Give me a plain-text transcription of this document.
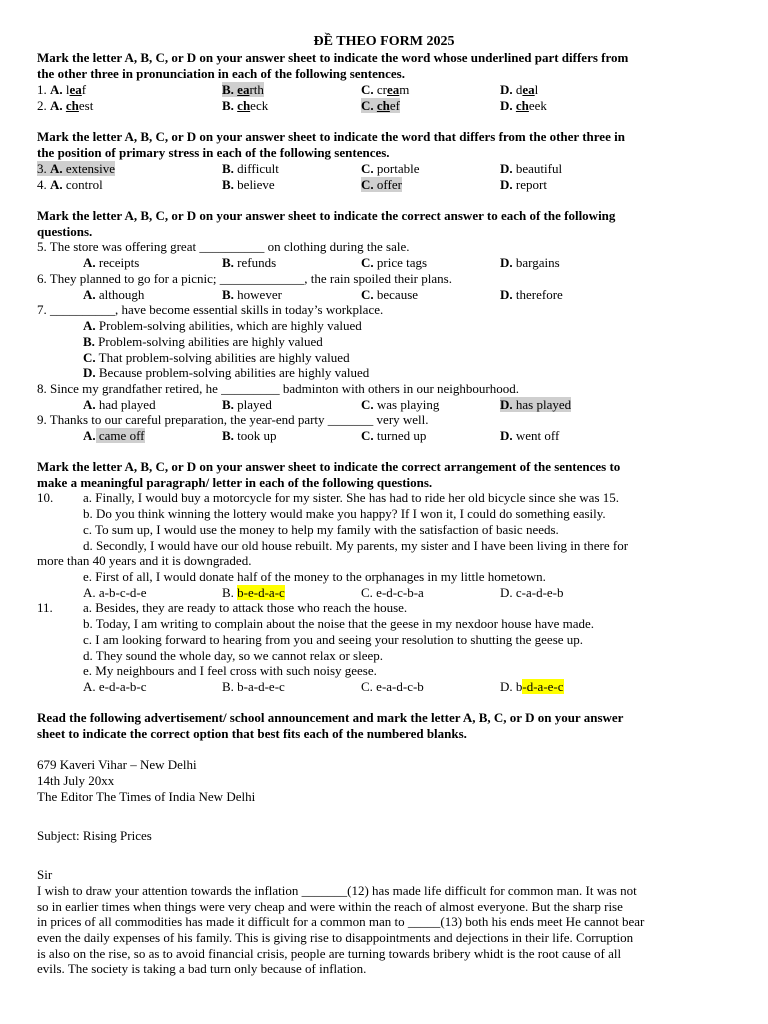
ĐỀ THEO FORM 2025
Mark the letter A, B, C, or D on your answer sheet to indicate the word whose underlined part differs from
the other three in pronunciation in each of the following sentences.
1. A. leaf	B. earth	C. cream	D. deal
2. A. chest	B. check	C. chef	D. cheek
Mark the letter A, B, C, or D on your answer sheet to indicate the word that differs from the other three in
the position of primary stress in each of the following sentences.
3. A. extensive	B. difficult	C. portable	D. beautiful
4. A. control	B. believe	C. offer	D. report
Mark the letter A, B, C, or D on your answer sheet to indicate the correct answer to each of the following
questions.
5. The store was offering great __________ on clothing during the sale.
A. receipts	B. refunds	C. price tags	D. bargains
6. They planned to go for a picnic; _____________, the rain spoiled their plans.
A. although	B. however	C. because	D. therefore
7. __________, have become essential skills in today’s workplace.
A. Problem-solving abilities, which are highly valued
B. Problem-solving abilities are highly valued
C. That problem-solving abilities are highly valued
D. Because problem-solving abilities are highly valued
8. Since my grandfather retired, he _________ badminton with others in our neighbourhood.
A. had played	B. played	C. was playing	D. has played
9. Thanks to our careful preparation, the year-end party _______ very well.
A. came off	B. took up	C. turned up	D. went off
Mark the letter A, B, C, or D on your answer sheet to indicate the correct arrangement of the sentences to
make a meaningful paragraph/ letter in each of the following questions.
10. a. Finally, I would buy a motorcycle for my sister. She has had to ride her old bicycle since she was 15.
b. Do you think winning the lottery would make you happy? If I won it, I could do something easily.
c. To sum up, I would use the money to help my family with the satisfaction of basic needs.
d. Secondly, I would have our old house rebuilt. My parents, my sister and I have been living in there for
more than 40 years and it is downgraded.
e. First of all, I would donate half of the money to the orphanages in my little hometown.
A. a-b-c-d-e	B. b-e-d-a-c	C. e-d-c-b-a	D. c-a-d-e-b
11. a. Besides, they are ready to attack those who reach the house.
b. Today, I am writing to complain about the noise that the geese in my nexdoor house have made.
c. I am looking forward to hearing from you and seeing your resolution to shutting the geese up.
d. They sound the whole day, so we cannot relax or sleep.
e. My neighbours and I feel cross with such noisy geese.
A. e-d-a-b-c	B. b-a-d-e-c	C. e-a-d-c-b	D. b-d-a-e-c
Read the following advertisement/ school announcement and mark the letter A, B, C, or D on your answer
sheet to indicate the correct option that best fits each of the numbered blanks.
679 Kaveri Vihar – New Delhi
14th July 20xx
The Editor The Times of India New Delhi
Subject: Rising Prices
Sir
I wish to draw your attention towards the inflation _______(12) has made life difficult for common man. It was not
so in earlier times when things were very cheap and were within the reach of almost everyone. But the sharp rise
in prices of all commodities has made it difficult for a common man to _____(13) both his ends meet He cannot bear
even the daily expenses of his family. This is giving rise to disappointments and dejections in their life. Corruption
is also on the rise, so as to avoid financial crisis, people are turning towards bribery whidt is the root cause of all
evils. The society is taking a bad turn only because of inflation.
